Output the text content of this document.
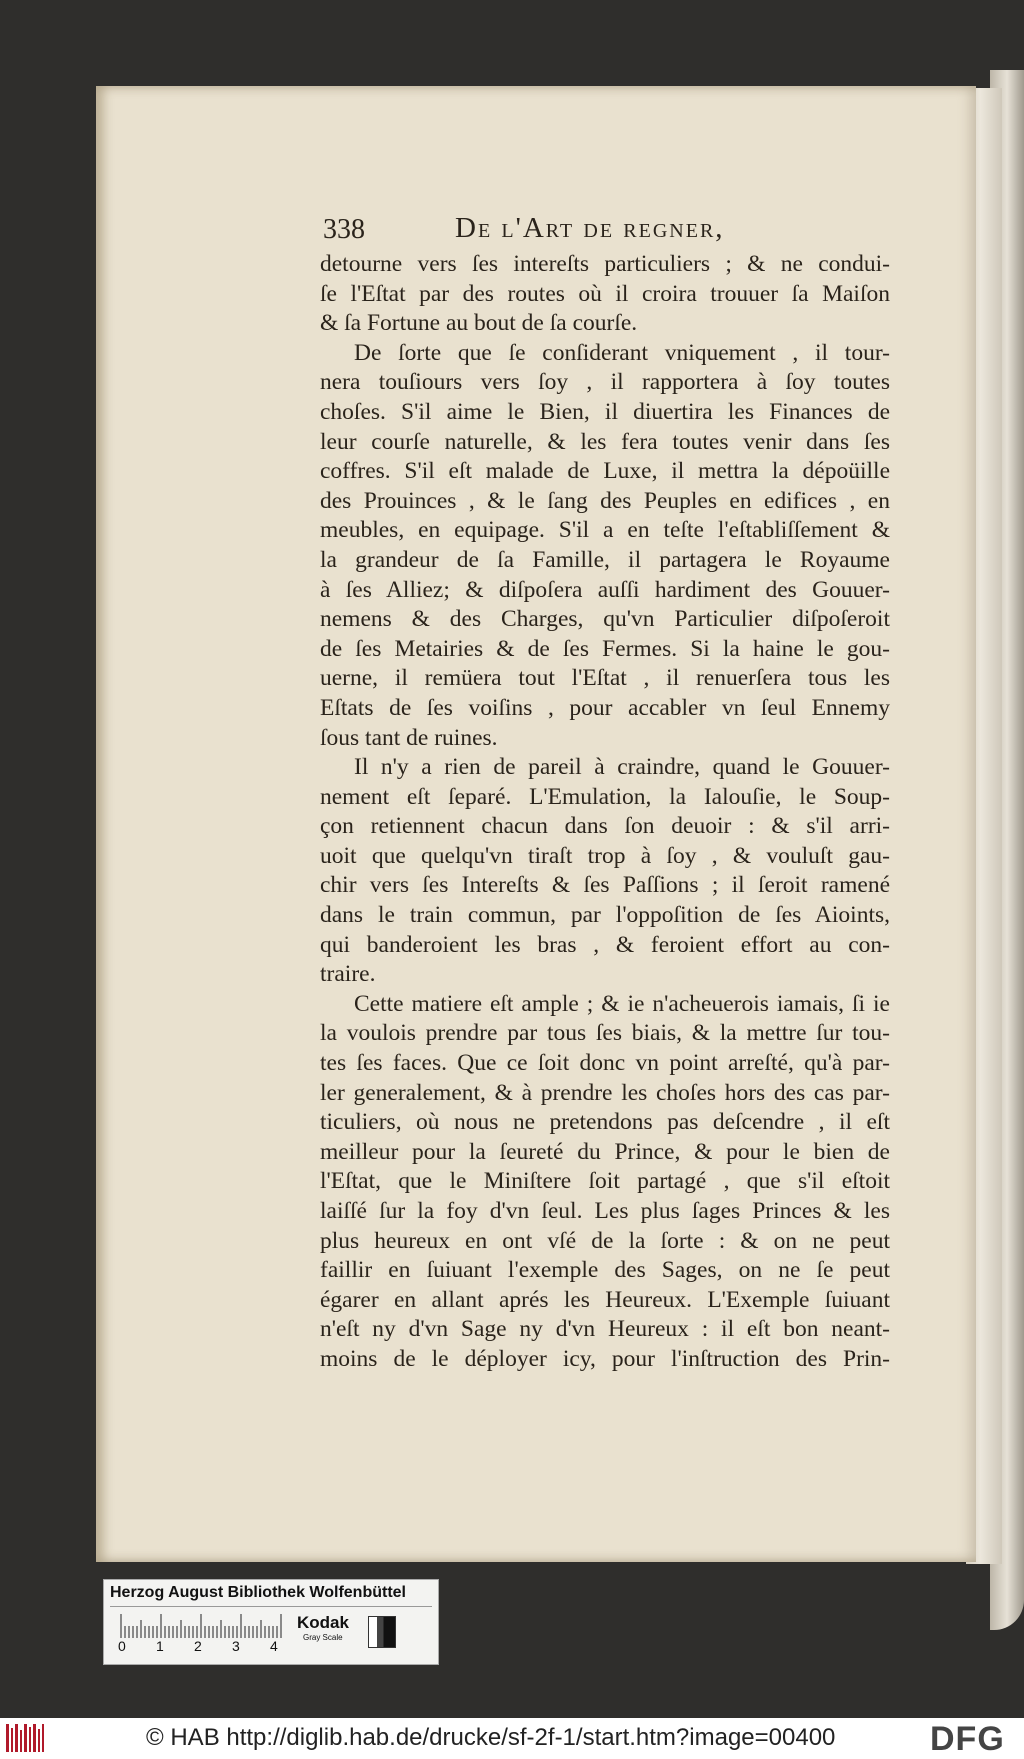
338	De l'Art de regner,
detourne vers ſes intereſts particuliers ; & ne condui-
ſe l'Eſtat par des routes où il croira trouuer ſa Maiſon
& ſa Fortune au bout de ſa courſe.
De ſorte que ſe conſiderant vniquement , il tour-
nera touſiours vers ſoy , il rapportera à ſoy toutes
choſes. S'il aime le Bien, il diuertira les Finances de
leur courſe naturelle, & les fera toutes venir dans ſes
coffres. S'il eſt malade de Luxe, il mettra la dépoüille
des Prouinces , & le ſang des Peuples en edifices , en
meubles, en equipage. S'il a en teſte l'eſtabliſſement &
la grandeur de ſa Famille, il partagera le Royaume
à ſes Alliez; & diſpoſera auſſi hardiment des Gouuer-
nemens & des Charges, qu'vn Particulier diſpoſeroit
de ſes Metairies & de ſes Fermes. Si la haine le gou-
uerne, il remüera tout l'Eſtat , il renuerſera tous les
Eſtats de ſes voiſins , pour accabler vn ſeul Ennemy
ſous tant de ruines.
Il n'y a rien de pareil à craindre, quand le Gouuer-
nement eſt ſeparé. L'Emulation, la Ialouſie, le Soup-
çon retiennent chacun dans ſon deuoir : & s'il arri-
uoit que quelqu'vn tiraſt trop à ſoy , & vouluſt gau-
chir vers ſes Intereſts & ſes Paſſions ; il ſeroit ramené
dans le train commun, par l'oppoſition de ſes Aioints,
qui banderoient les bras , & feroient effort au con-
traire.
Cette matiere eſt ample ; & ie n'acheuerois iamais, ſi ie
la voulois prendre par tous ſes biais, & la mettre ſur tou-
tes ſes faces. Que ce ſoit donc vn point arreſté, qu'à par-
ler generalement, & à prendre les choſes hors des cas par-
ticuliers, où nous ne pretendons pas deſcendre , il eſt
meilleur pour la ſeureté du Prince, & pour le bien de
l'Eſtat, que le Miniſtere ſoit partagé , que s'il eſtoit
laiſſé ſur la foy d'vn ſeul. Les plus ſages Princes & les
plus heureux en ont vſé de la ſorte : & on ne peut
faillir en ſuiuant l'exemple des Sages, on ne ſe peut
égarer en allant aprés les Heureux. L'Exemple ſuiuant
n'eſt ny d'vn Sage ny d'vn Heureux : il eſt bon neant-
moins de le déployer icy, pour l'inſtruction des Prin-
Herzog August Bibliothek Wolfenbüttel
0 1 2 3 4
Kodak
Gray Scale
© HAB http://diglib.hab.de/drucke/sf-2f-1/start.htm?image=00400	DFG
